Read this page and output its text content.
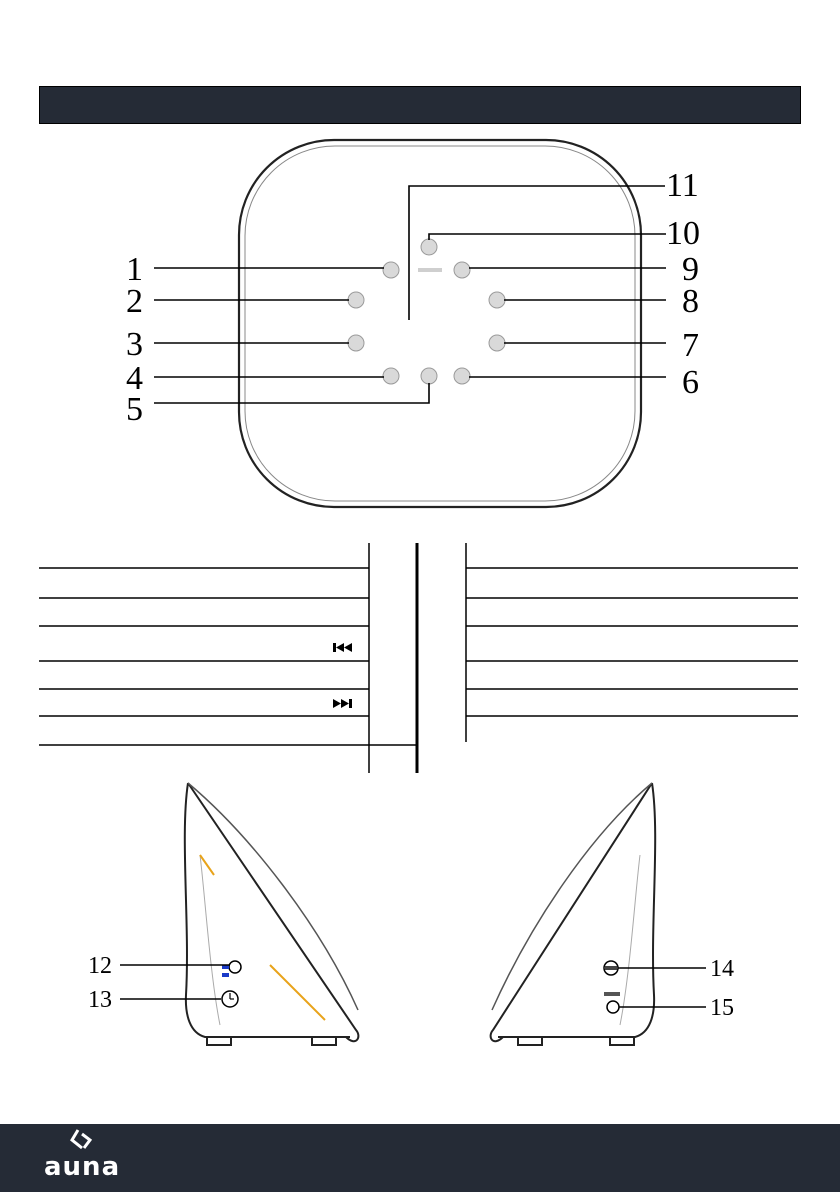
1
2
3
4
5
6
7
8
9
10
11
12
13
14
15
auna
